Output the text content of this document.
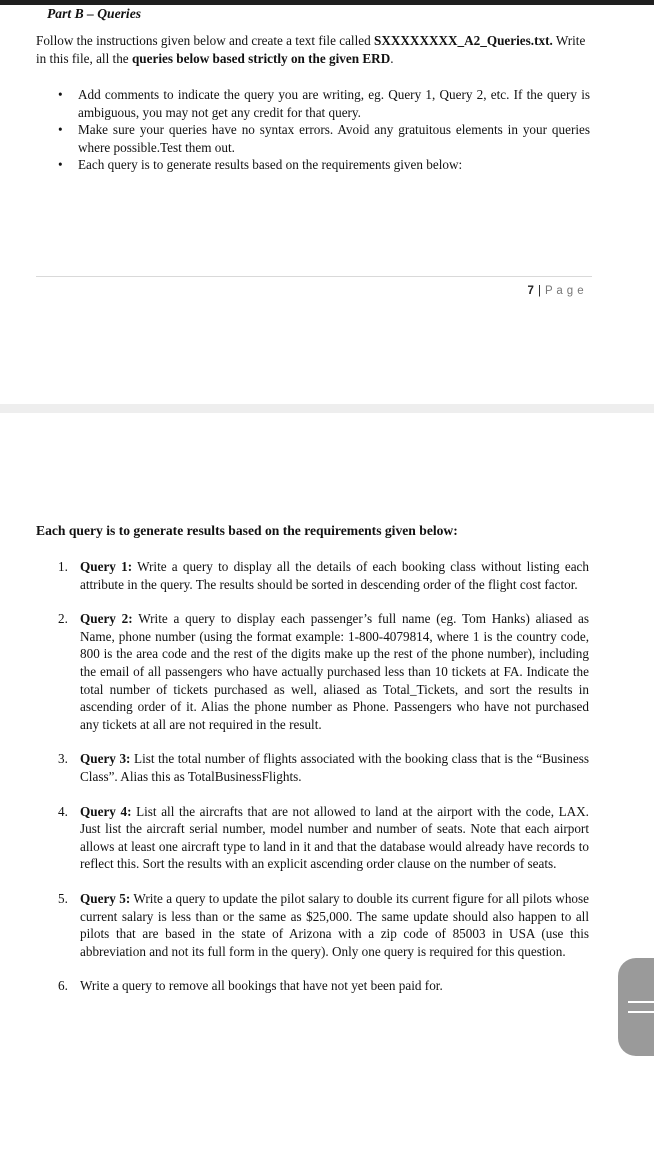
Part B – Queries

Follow the instructions given below and create a text file called SXXXXXXXX_A2_Queries.txt. Write in this file, all the queries below based strictly on the given ERD.

• Add comments to indicate the query you are writing, eg. Query 1, Query 2, etc. If the query is ambiguous, you may not get any credit for that query.
• Make sure your queries have no syntax errors. Avoid any gratuitous elements in your queries where possible.Test them out.
• Each query is to generate results based on the requirements given below:
7 | P a g e
Each query is to generate results based on the requirements given below:
1. Query 1: Write a query to display all the details of each booking class without listing each attribute in the query. The results should be sorted in descending order of the flight cost factor.
2. Query 2: Write a query to display each passenger’s full name (eg. Tom Hanks) aliased as Name, phone number (using the format example: 1-800-4079814, where 1 is the country code, 800 is the area code and the rest of the digits make up the rest of the phone number), including the email of all passengers who have actually purchased less than 10 tickets at FA. Indicate the total number of tickets purchased as well, aliased as Total_Tickets, and sort the results in ascending order of it. Alias the phone number as Phone. Passengers who have not purchased any tickets at all are not required in the result.
3. Query 3: List the total number of flights associated with the booking class that is the “Business Class”. Alias this as TotalBusinessFlights.
4. Query 4: List all the aircrafts that are not allowed to land at the airport with the code, LAX. Just list the aircraft serial number, model number and number of seats. Note that each airport allows at least one aircraft type to land in it and that the database would already have records to reflect this. Sort the results with an explicit ascending order clause on the number of seats.
5. Query 5: Write a query to update the pilot salary to double its current figure for all pilots whose current salary is less than or the same as $25,000. The same update should also happen to all pilots that are based in the state of Arizona with a zip code of 85003 in USA (use this abbreviation and not its full form in the query). Only one query is required for this question.
6. Write a query to remove all bookings that have not yet been paid for.
